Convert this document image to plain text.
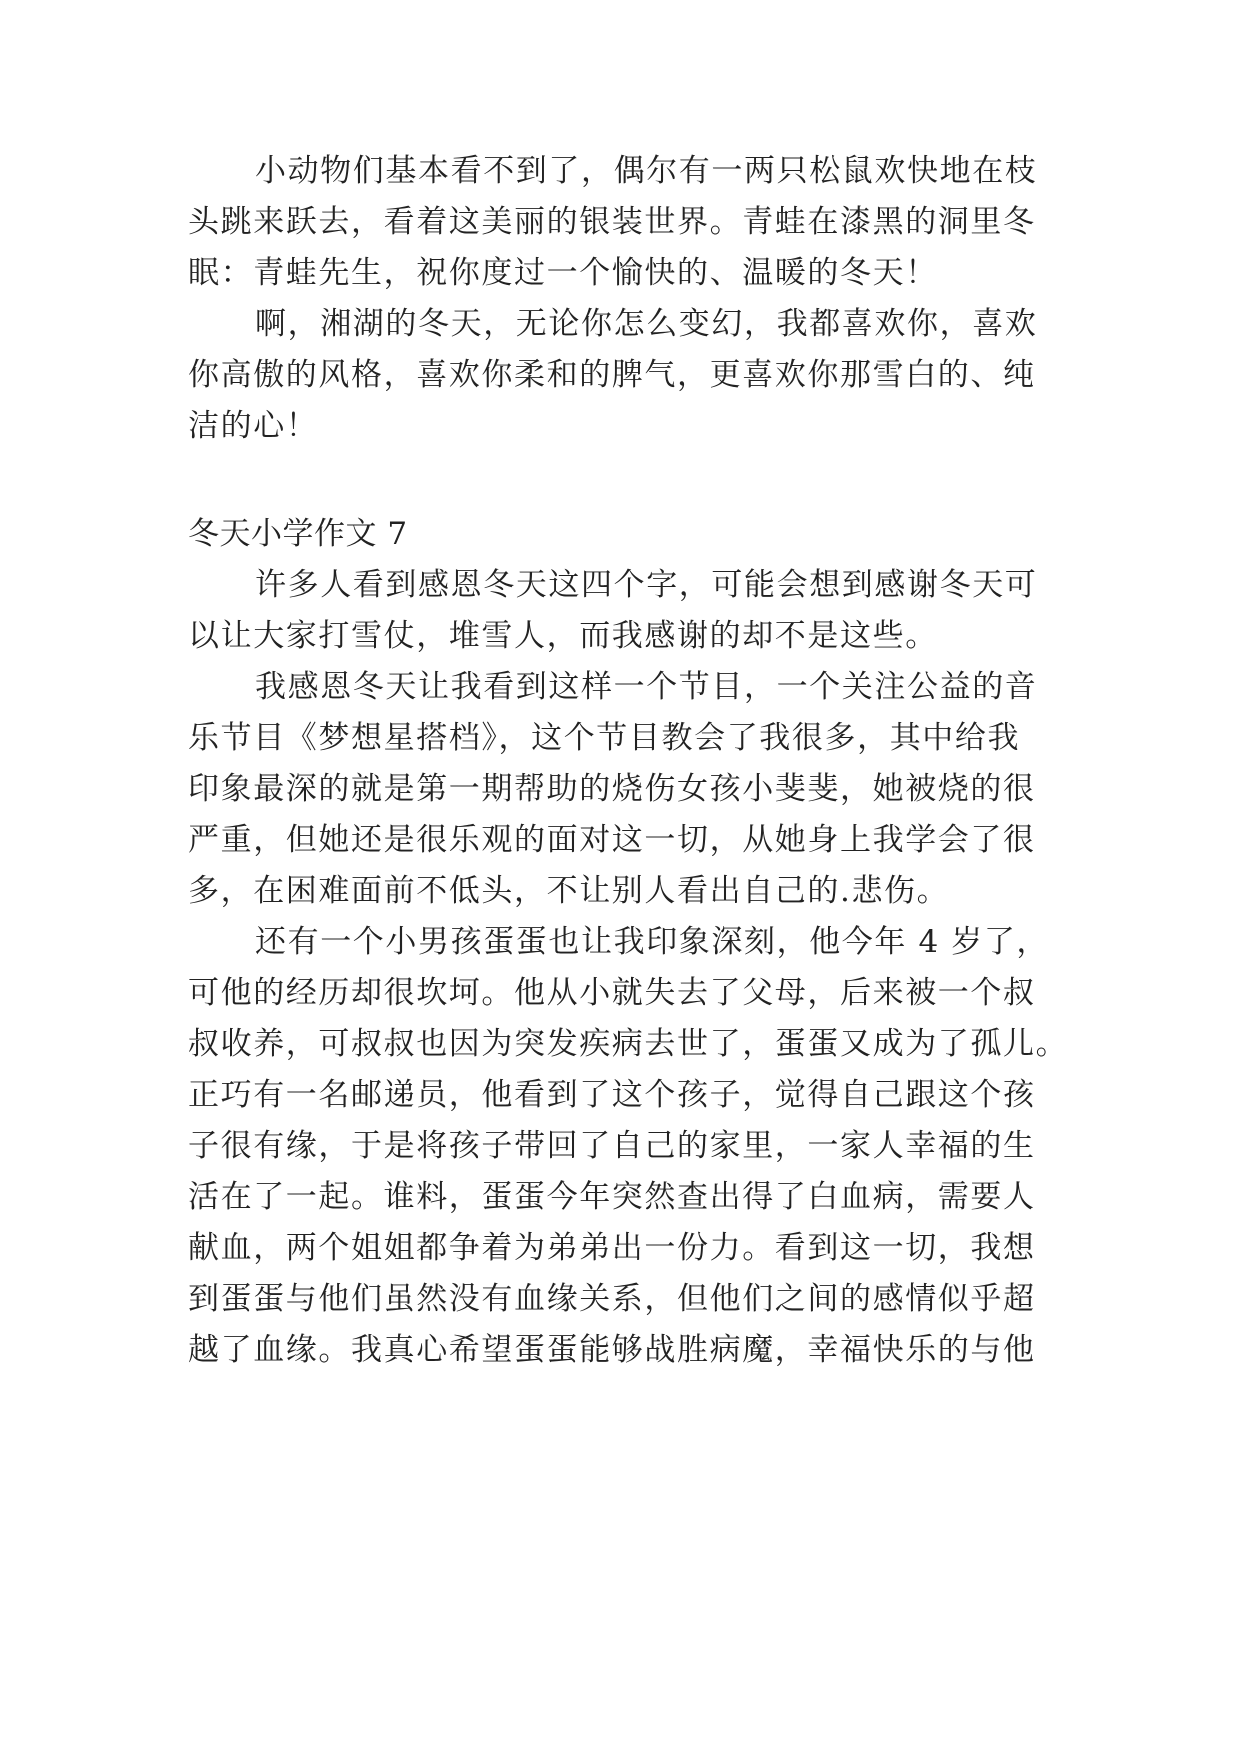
小动物们基本看不到了，偶尔有一两只松鼠欢快地在枝
头跳来跃去，看着这美丽的银装世界。青蛙在漆黑的洞里冬
眠：青蛙先生，祝你度过一个愉快的、温暖的冬天！
啊，湘湖的冬天，无论你怎么变幻，我都喜欢你，喜欢
你高傲的风格，喜欢你柔和的脾气，更喜欢你那雪白的、纯
洁的心！
冬天小学作文 7
许多人看到感恩冬天这四个字，可能会想到感谢冬天可
以让大家打雪仗，堆雪人，而我感谢的却不是这些。
我感恩冬天让我看到这样一个节目，一个关注公益的音
乐节目《梦想星搭档》，这个节目教会了我很多，其中给我
印象最深的就是第一期帮助的烧伤女孩小斐斐，她被烧的很
严重，但她还是很乐观的面对这一切，从她身上我学会了很
多，在困难面前不低头，不让别人看出自己的.悲伤。
还有一个小男孩蛋蛋也让我印象深刻，他今年 4 岁了，
可他的经历却很坎坷。他从小就失去了父母，后来被一个叔
叔收养，可叔叔也因为突发疾病去世了，蛋蛋又成为了孤儿。
正巧有一名邮递员，他看到了这个孩子，觉得自己跟这个孩
子很有缘，于是将孩子带回了自己的家里，一家人幸福的生
活在了一起。谁料，蛋蛋今年突然查出得了白血病，需要人
献血，两个姐姐都争着为弟弟出一份力。看到这一切，我想
到蛋蛋与他们虽然没有血缘关系，但他们之间的感情似乎超
越了血缘。我真心希望蛋蛋能够战胜病魔，幸福快乐的与他
